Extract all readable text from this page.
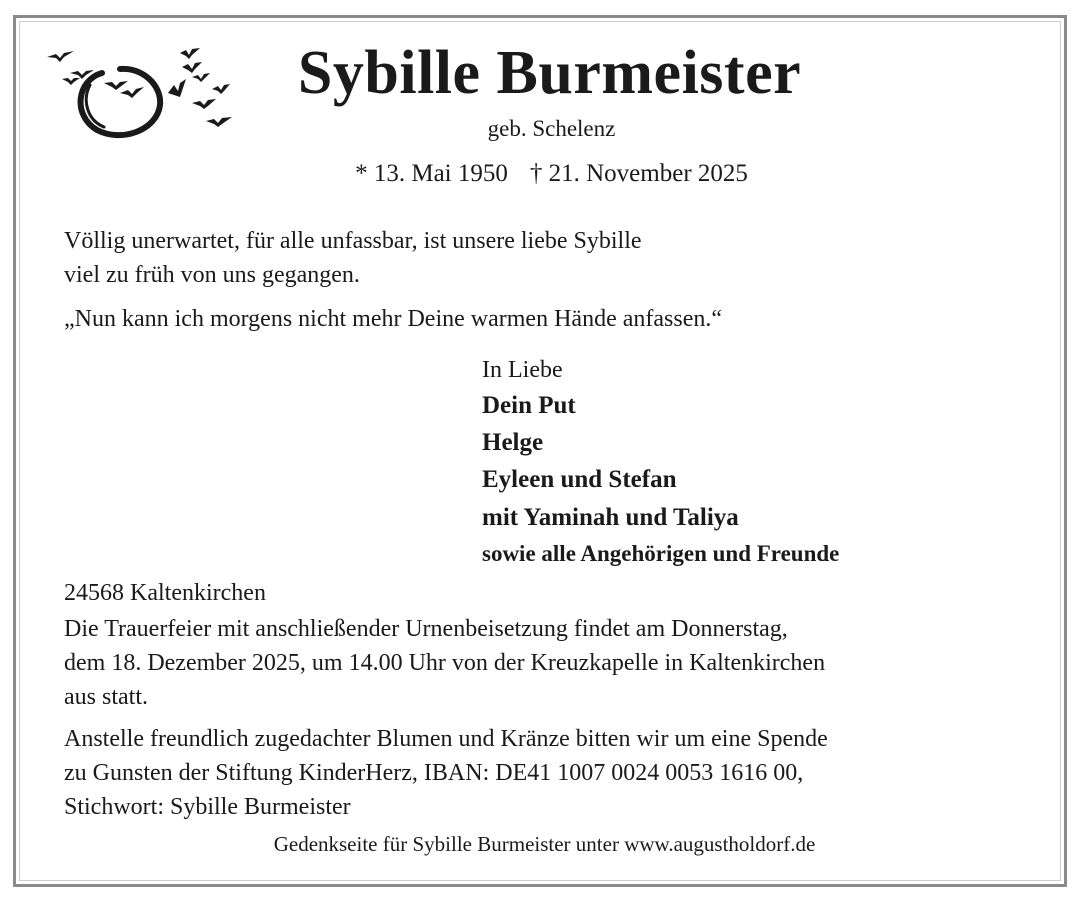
Sybille Burmeister
geb. Schelenz
* 13. Mai 1950 † 21. November 2025
Völlig unerwartet, für alle unfassbar, ist unsere liebe Sybille
viel zu früh von uns gegangen.
„Nun kann ich morgens nicht mehr Deine warmen Hände anfassen.“
In Liebe
Dein Put
Helge
Eyleen und Stefan
mit Yaminah und Taliya
sowie alle Angehörigen und Freunde
24568 Kaltenkirchen
Die Trauerfeier mit anschließender Urnenbeisetzung findet am Donnerstag,
dem 18. Dezember 2025, um 14.00 Uhr von der Kreuzkapelle in Kaltenkirchen
aus statt.
Anstelle freundlich zugedachter Blumen und Kränze bitten wir um eine Spende
zu Gunsten der Stiftung KinderHerz, IBAN: DE41 1007 0024 0053 1616 00,
Stichwort: Sybille Burmeister
Gedenkseite für Sybille Burmeister unter www.augustholdorf.de
